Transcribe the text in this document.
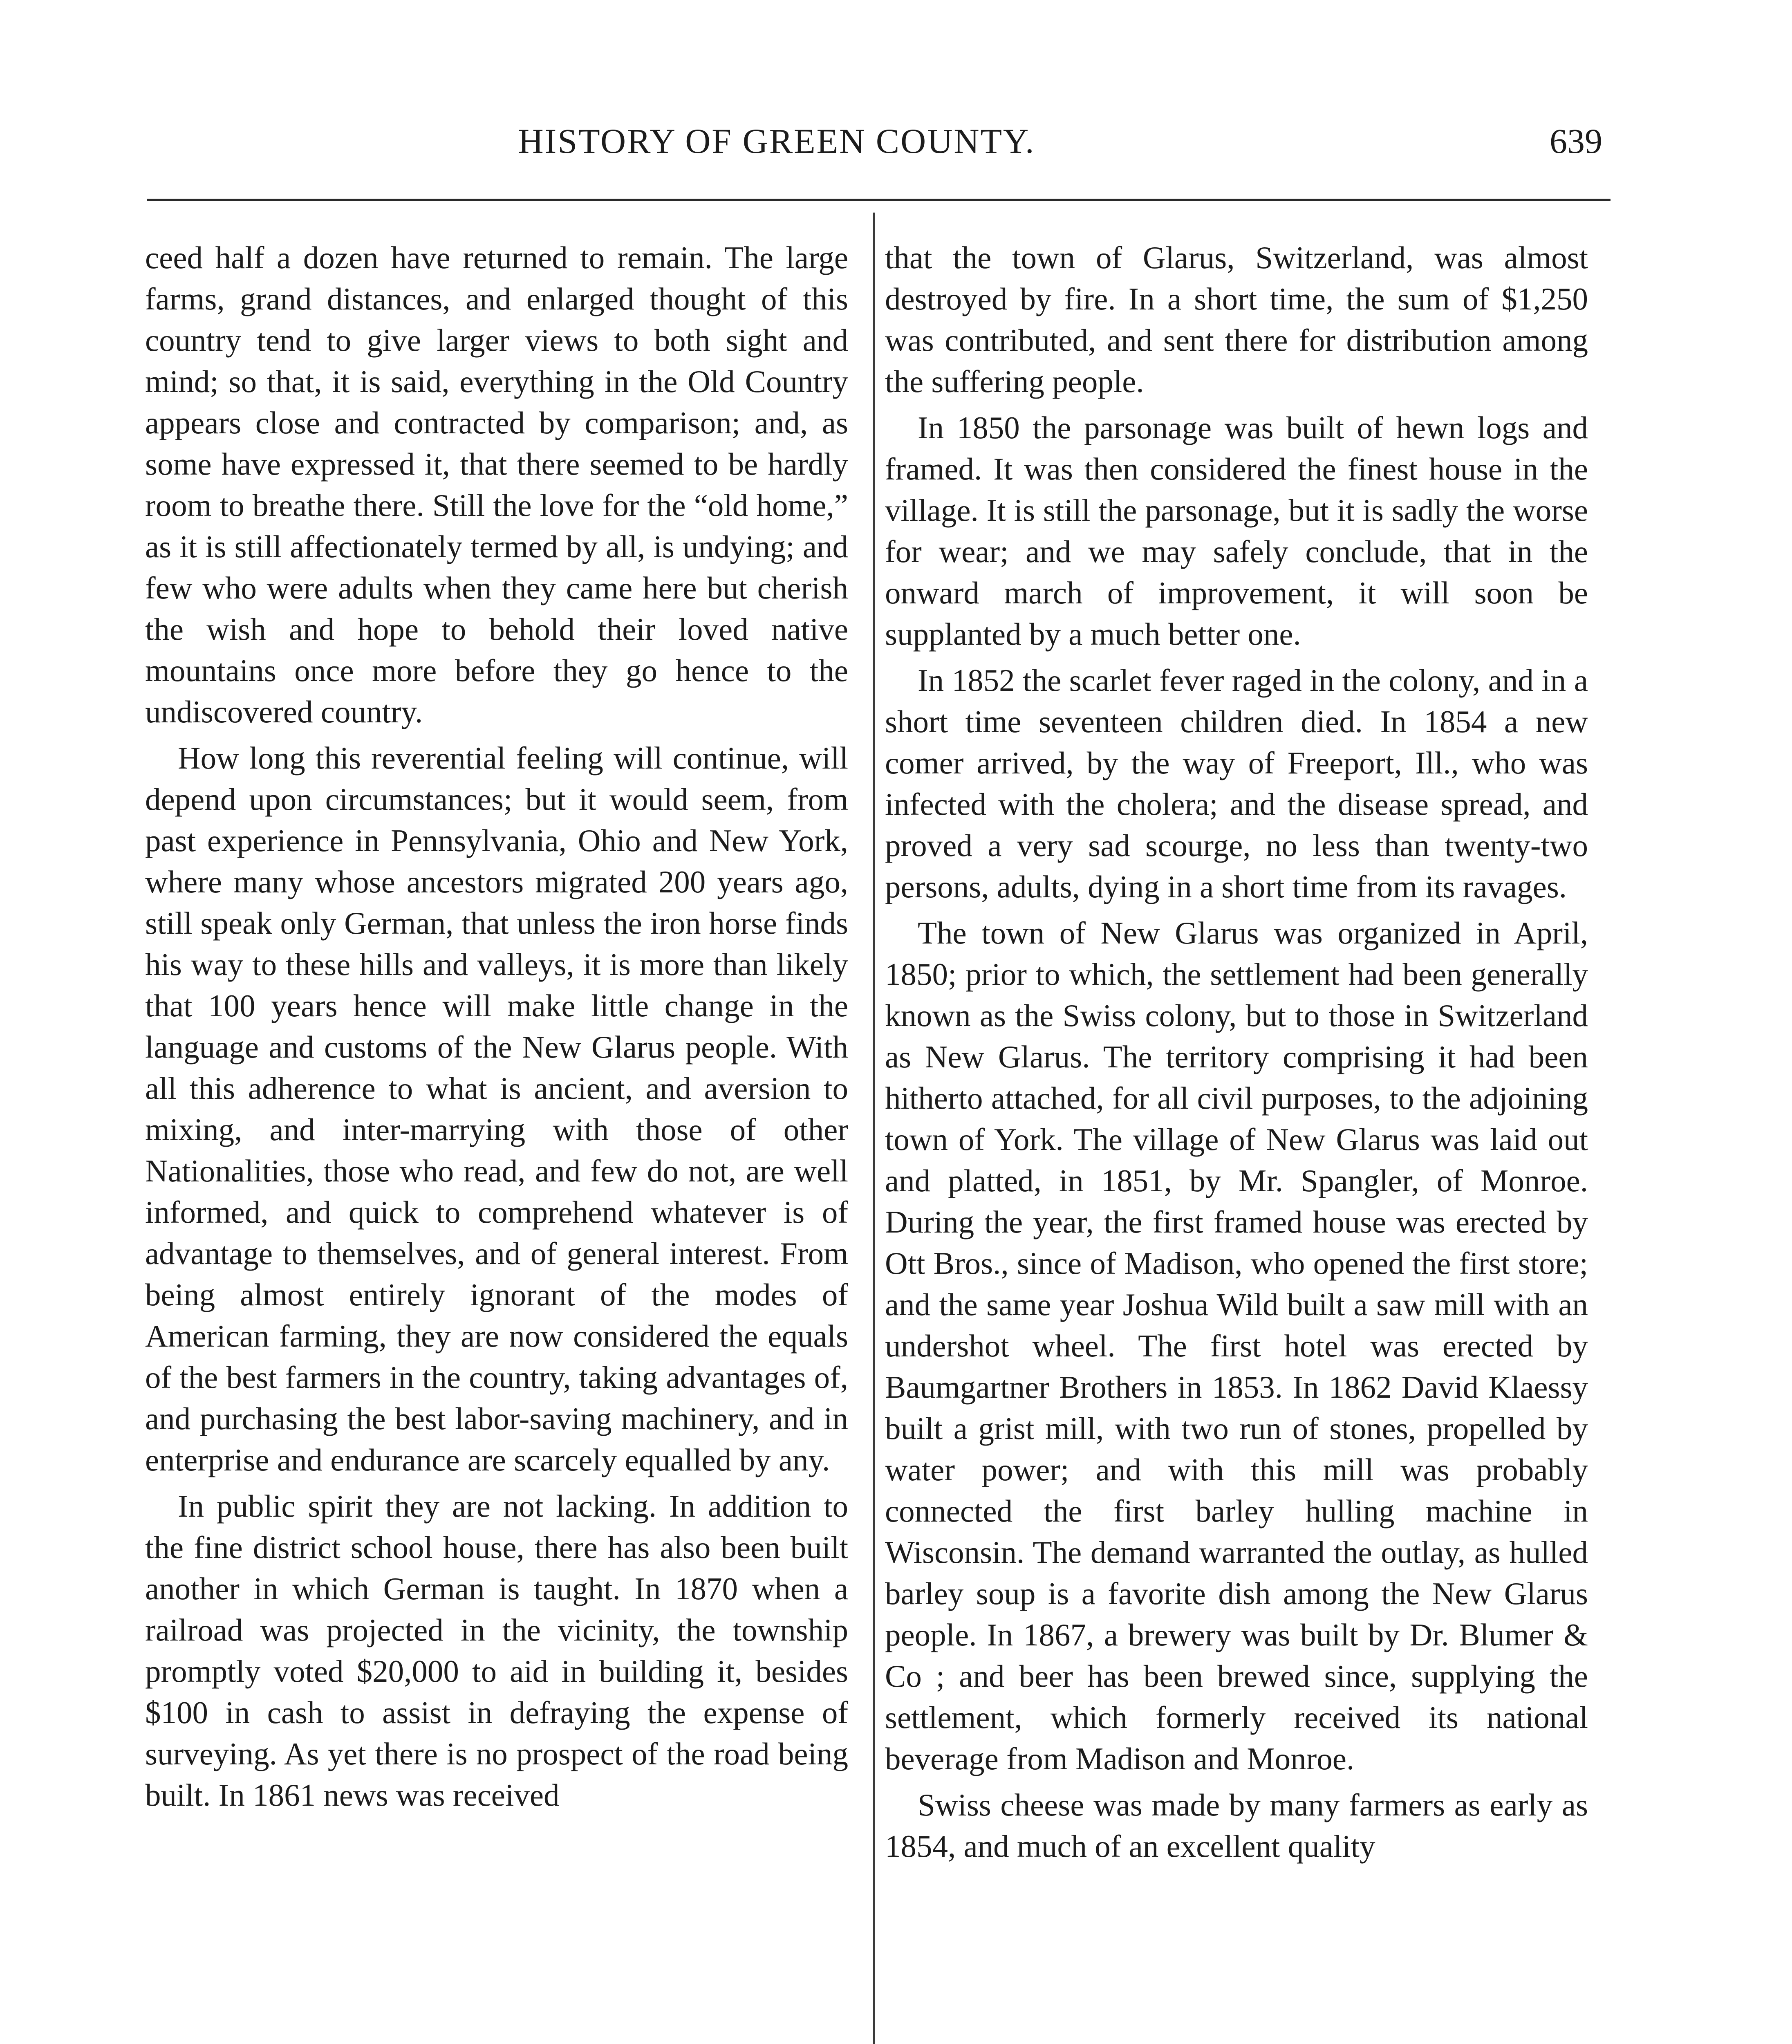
HISTORY OF GREEN COUNTY.	639

ceed half a dozen have returned to remain. The large farms, grand distances, and enlarged thought of this country tend to give larger views to both sight and mind; so that, it is said, everything in the Old Country appears close and contracted by comparison; and, as some have expressed it, that there seemed to be hardly room to breathe there. Still the love for the “old home,” as it is still affectionately termed by all, is undying; and few who were adults when they came here but cherish the wish and hope to behold their loved native mountains once more before they go hence to the undiscovered country.

How long this reverential feeling will continue, will depend upon circumstances; but it would seem, from past experience in Pennsylvania, Ohio and New York, where many whose ancestors migrated 200 years ago, still speak only German, that unless the iron horse finds his way to these hills and valleys, it is more than likely that 100 years hence will make little change in the language and customs of the New Glarus people. With all this adherence to what is ancient, and aversion to mixing, and inter-marrying with those of other Nationalities, those who read, and few do not, are well informed, and quick to comprehend whatever is of advantage to themselves, and of general interest. From being almost entirely ignorant of the modes of American farming, they are now considered the equals of the best farmers in the country, taking advantages of, and purchasing the best labor-saving machinery, and in enterprise and endurance are scarcely equalled by any.

In public spirit they are not lacking. In addition to the fine district school house, there has also been built another in which German is taught. In 1870 when a railroad was projected in the vicinity, the township promptly voted $20,000 to aid in building it, besides $100 in cash to assist in defraying the expense of surveying. As yet there is no prospect of the road being built. In 1861 news was received

that the town of Glarus, Switzerland, was almost destroyed by fire. In a short time, the sum of $1,250 was contributed, and sent there for distribution among the suffering people.

In 1850 the parsonage was built of hewn logs and framed. It was then considered the finest house in the village. It is still the parsonage, but it is sadly the worse for wear; and we may safely conclude, that in the onward march of improvement, it will soon be supplanted by a much better one.

In 1852 the scarlet fever raged in the colony, and in a short time seventeen children died. In 1854 a new comer arrived, by the way of Freeport, Ill., who was infected with the cholera; and the disease spread, and proved a very sad scourge, no less than twenty-two persons, adults, dying in a short time from its ravages.

The town of New Glarus was organized in April, 1850; prior to which, the settlement had been generally known as the Swiss colony, but to those in Switzerland as New Glarus. The territory comprising it had been hitherto attached, for all civil purposes, to the adjoining town of York. The village of New Glarus was laid out and platted, in 1851, by Mr. Spangler, of Monroe. During the year, the first framed house was erected by Ott Bros., since of Madison, who opened the first store; and the same year Joshua Wild built a saw mill with an undershot wheel. The first hotel was erected by Baumgartner Brothers in 1853. In 1862 David Klaessy built a grist mill, with two run of stones, propelled by water power; and with this mill was probably connected the first barley hulling machine in Wisconsin. The demand warranted the outlay, as hulled barley soup is a favorite dish among the New Glarus people. In 1867, a brewery was built by Dr. Blumer & Co ; and beer has been brewed since, supplying the settlement, which formerly received its national beverage from Madison and Monroe.

Swiss cheese was made by many farmers as early as 1854, and much of an excellent quality
